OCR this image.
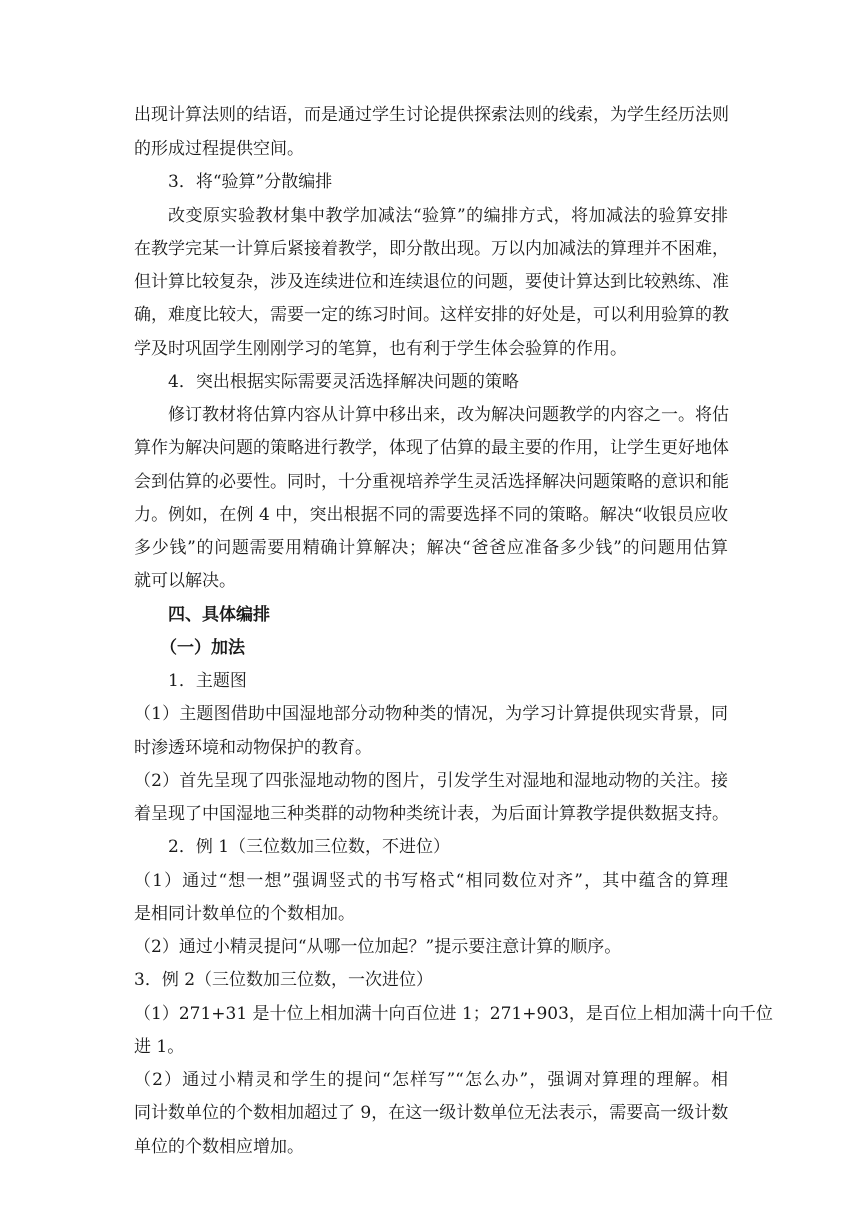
出现计算法则的结语，而是通过学生讨论提供探索法则的线索，为学生经历法则
的形成过程提供空间。
3．将“验算”分散编排
改变原实验教材集中教学加减法“验算”的编排方式，将加减法的验算安排
在教学完某一计算后紧接着教学，即分散出现。万以内加减法的算理并不困难，
但计算比较复杂，涉及连续进位和连续退位的问题，要使计算达到比较熟练、准
确，难度比较大，需要一定的练习时间。这样安排的好处是，可以利用验算的教
学及时巩固学生刚刚学习的笔算，也有利于学生体会验算的作用。
4．突出根据实际需要灵活选择解决问题的策略
修订教材将估算内容从计算中移出来，改为解决问题教学的内容之一。将估
算作为解决问题的策略进行教学，体现了估算的最主要的作用，让学生更好地体
会到估算的必要性。同时，十分重视培养学生灵活选择解决问题策略的意识和能
力。例如，在例 4 中，突出根据不同的需要选择不同的策略。解决“收银员应收
多少钱”的问题需要用精确计算解决；解决“爸爸应准备多少钱”的问题用估算
就可以解决。
四、具体编排
（一）加法
1．主题图
（1）主题图借助中国湿地部分动物种类的情况，为学习计算提供现实背景，同
时渗透环境和动物保护的教育。
（2）首先呈现了四张湿地动物的图片，引发学生对湿地和湿地动物的关注。接
着呈现了中国湿地三种类群的动物种类统计表，为后面计算教学提供数据支持。
2．例 1（三位数加三位数，不进位）
（1）通过“想一想”强调竖式的书写格式“相同数位对齐”，其中蕴含的算理
是相同计数单位的个数相加。
（2）通过小精灵提问“从哪一位加起？”提示要注意计算的顺序。
3．例 2（三位数加三位数，一次进位）
（1）271+31 是十位上相加满十向百位进 1；271+903，是百位上相加满十向千位
进 1。
（2）通过小精灵和学生的提问“怎样写”“怎么办”，强调对算理的理解。相
同计数单位的个数相加超过了 9，在这一级计数单位无法表示，需要高一级计数
单位的个数相应增加。
